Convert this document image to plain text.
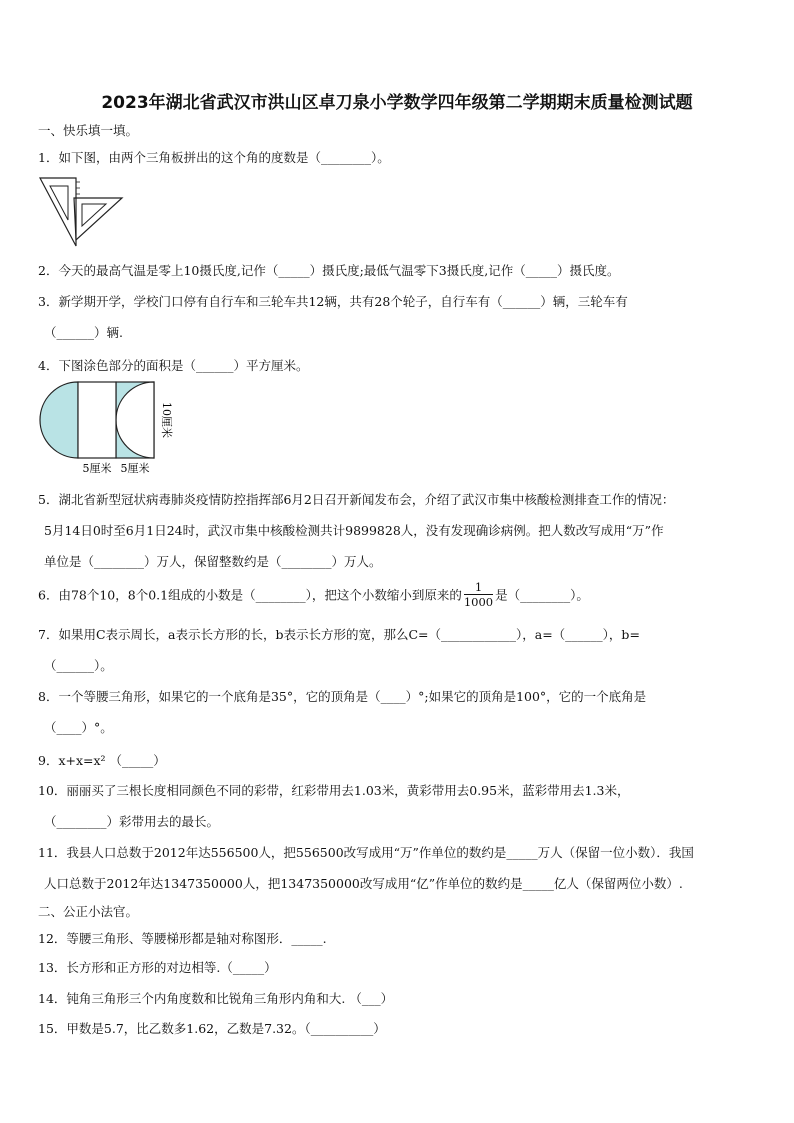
2023年湖北省武汉市洪山区卓刀泉小学数学四年级第二学期期末质量检测试题
一、快乐填一填。
1．如下图，由两个三角板拼出的这个角的度数是（________）。
2．今天的最高气温是零上10摄氏度,记作（_____）摄氏度;最低气温零下3摄氏度,记作（_____）摄氏度。
3．新学期开学，学校门口停有自行车和三轮车共12辆，共有28个轮子，自行车有（______）辆，三轮车有
（______）辆.
4．下图涂色部分的面积是（______）平方厘米。
10厘米
5厘米 5厘米
5．湖北省新型冠状病毒肺炎疫情防控指挥部6月2日召开新闻发布会，介绍了武汉市集中核酸检测排查工作的情况：
5月14日0时至6月1日24时，武汉市集中核酸检测共计9899828人，没有发现确诊病例。把人数改写成用“万”作
单位是（________）万人，保留整数约是（________）万人。
6．由78个10，8个0.1组成的小数是（________），把这个小数缩小到原来的 $\frac{1}{1000}$ 是（________）。
7．如果用C表示周长，a表示长方形的长，b表示长方形的宽，那么C=（____________），a=（______），b=
（______）。
8．一个等腰三角形，如果它的一个底角是35°，它的顶角是（____）°;如果它的顶角是100°，它的一个底角是
（____）°。
9．x+x=x² （_____）
10．丽丽买了三根长度相同颜色不同的彩带，红彩带用去1.03米，黄彩带用去0.95米，蓝彩带用去1.3米，
（________）彩带用去的最长。
11．我县人口总数于2012年达556500人，把556500改写成用“万”作单位的数约是_____万人（保留一位小数）．我国
人口总数于2012年达1347350000人，把1347350000改写成用“亿”作单位的数约是_____亿人（保留两位小数）.
二、公正小法官。
12．等腰三角形、等腰梯形都是轴对称图形．_____.
13．长方形和正方形的对边相等.（_____）
14．钝角三角形三个内角度数和比锐角三角形内角和大. （___）
15．甲数是5.7，比乙数多1.62，乙数是7.32。（__________）
